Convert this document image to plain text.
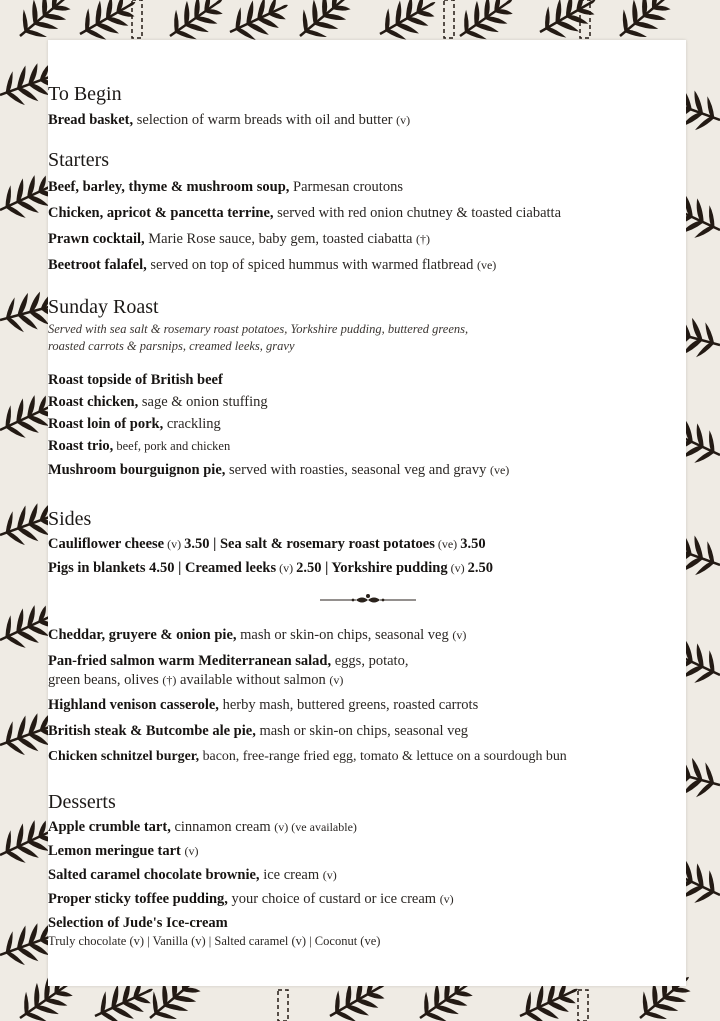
To Begin
Bread basket, selection of warm breads with oil and butter (v)
Starters
Beef, barley, thyme & mushroom soup, Parmesan croutons
Chicken, apricot & pancetta terrine, served with red onion chutney & toasted ciabatta
Prawn cocktail, Marie Rose sauce, baby gem, toasted ciabatta (†)
Beetroot falafel, served on top of spiced hummus with warmed flatbread (ve)
Sunday Roast
Served with sea salt & rosemary roast potatoes, Yorkshire pudding, buttered greens,
roasted carrots & parsnips, creamed leeks, gravy
Roast topside of British beef
Roast chicken, sage & onion stuffing
Roast loin of pork, crackling
Roast trio, beef, pork and chicken
Mushroom bourguignon pie, served with roasties, seasonal veg and gravy (ve)
Sides
Cauliflower cheese (v) 3.50 | Sea salt & rosemary roast potatoes (ve) 3.50
Pigs in blankets 4.50 | Creamed leeks (v) 2.50 | Yorkshire pudding (v) 2.50
Cheddar, gruyere & onion pie, mash or skin-on chips, seasonal veg (v)
Pan-fried salmon warm Mediterranean salad, eggs, potato,
green beans, olives (†) available without salmon (v)
Highland venison casserole, herby mash, buttered greens, roasted carrots
British steak & Butcombe ale pie, mash or skin-on chips, seasonal veg
Chicken schnitzel burger, bacon, free-range fried egg, tomato & lettuce on a sourdough bun
Desserts
Apple crumble tart, cinnamon cream (v) (ve available)
Lemon meringue tart (v)
Salted caramel chocolate brownie, ice cream (v)
Proper sticky toffee pudding, your choice of custard or ice cream (v)
Selection of Jude's Ice-cream
Truly chocolate (v) | Vanilla (v) | Salted caramel (v) | Coconut (ve)
